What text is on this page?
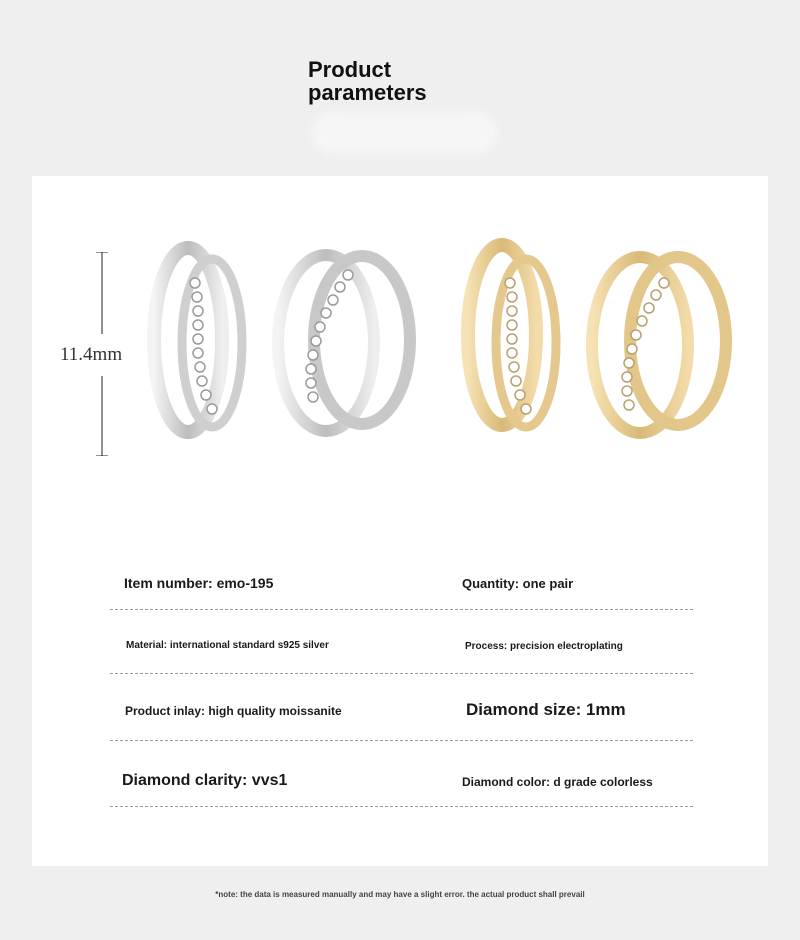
Product
parameters
11.4mm
Item number: emo-195	Quantity: one pair
Material: international standard s925 silver	Process: precision electroplating
Product inlay: high quality moissanite	Diamond size: 1mm
Diamond clarity: vvs1	Diamond color: d grade colorless
*note: the data is measured manually and may have a slight error. the actual product shall prevail
